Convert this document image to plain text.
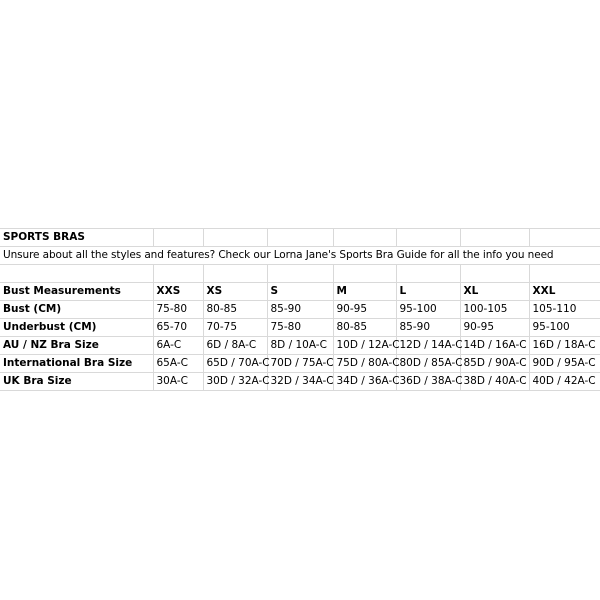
SPORTS BRAS							
Unsure about all the styles and features? Check our Lorna Jane's Sports Bra Guide for all the info you need							

Bust Measurements	XXS	XS	S	M	L	XL	XXL
Bust (CM)	75-80	80-85	85-90	90-95	95-100	100-105	105-110
Underbust (CM)	65-70	70-75	75-80	80-85	85-90	90-95	95-100
AU / NZ Bra Size	6A-C	6D / 8A-C	8D / 10A-C	10D / 12A-C	12D / 14A-C	14D / 16A-C	16D / 18A-C
International Bra Size	65A-C	65D / 70A-C	70D / 75A-C	75D / 80A-C	80D / 85A-C	85D / 90A-C	90D / 95A-C
UK Bra Size	30A-C	30D / 32A-C	32D / 34A-C	34D / 36A-C	36D / 38A-C	38D / 40A-C	40D / 42A-C
